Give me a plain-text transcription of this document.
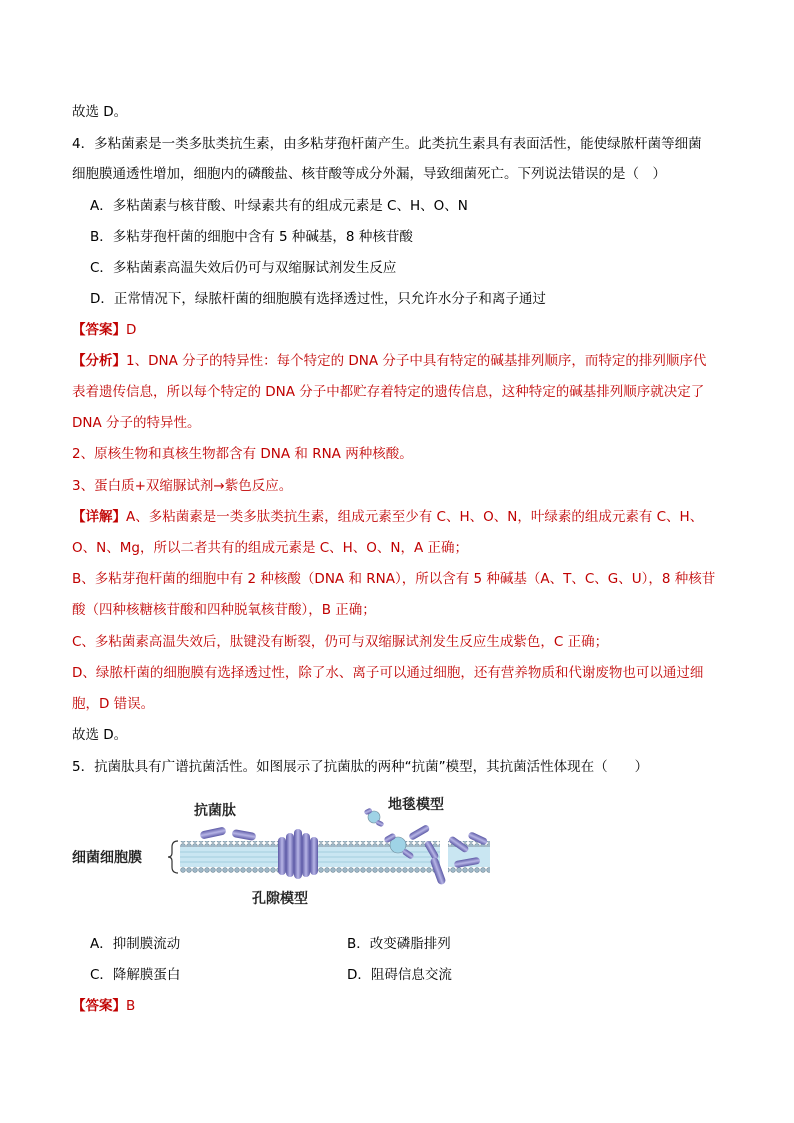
故选 D。
4．多粘菌素是一类多肽类抗生素，由多粘芽孢杆菌产生。此类抗生素具有表面活性，能使绿脓杆菌等细菌
细胞膜通透性增加，细胞内的磷酸盐、核苷酸等成分外漏，导致细菌死亡。下列说法错误的是（　）
A．多粘菌素与核苷酸、叶绿素共有的组成元素是 C、H、O、N
B．多粘芽孢杆菌的细胞中含有 5 种碱基，8 种核苷酸
C．多粘菌素高温失效后仍可与双缩脲试剂发生反应
D．正常情况下，绿脓杆菌的细胞膜有选择透过性，只允许水分子和离子通过
【答案】D
【分析】1、DNA 分子的特异性：每个特定的 DNA 分子中具有特定的碱基排列顺序，而特定的排列顺序代
表着遗传信息，所以每个特定的 DNA 分子中都贮存着特定的遗传信息，这种特定的碱基排列顺序就决定了
DNA 分子的特异性。
2、原核生物和真核生物都含有 DNA 和 RNA 两种核酸。
3、蛋白质+双缩脲试剂→紫色反应。
【详解】A、多粘菌素是一类多肽类抗生素，组成元素至少有 C、H、O、N，叶绿素的组成元素有 C、H、
O、N、Mg，所以二者共有的组成元素是 C、H、O、N，A 正确；
B、多粘芽孢杆菌的细胞中有 2 种核酸（DNA 和 RNA），所以含有 5 种碱基（A、T、C、G、U），8 种核苷
酸（四种核糖核苷酸和四种脱氧核苷酸），B 正确；
C、多粘菌素高温失效后，肽键没有断裂，仍可与双缩脲试剂发生反应生成紫色，C 正确；
D、绿脓杆菌的细胞膜有选择透过性，除了水、离子可以通过细胞，还有营养物质和代谢废物也可以通过细
胞，D 错误。
故选 D。
5．抗菌肽具有广谱抗菌活性。如图展示了抗菌肽的两种“抗菌”模型，其抗菌活性体现在（　　）
抗菌肽	地毯模型
细菌细胞膜
孔隙模型
A．抑制膜流动	B．改变磷脂排列
C．降解膜蛋白	D．阻碍信息交流
【答案】B
